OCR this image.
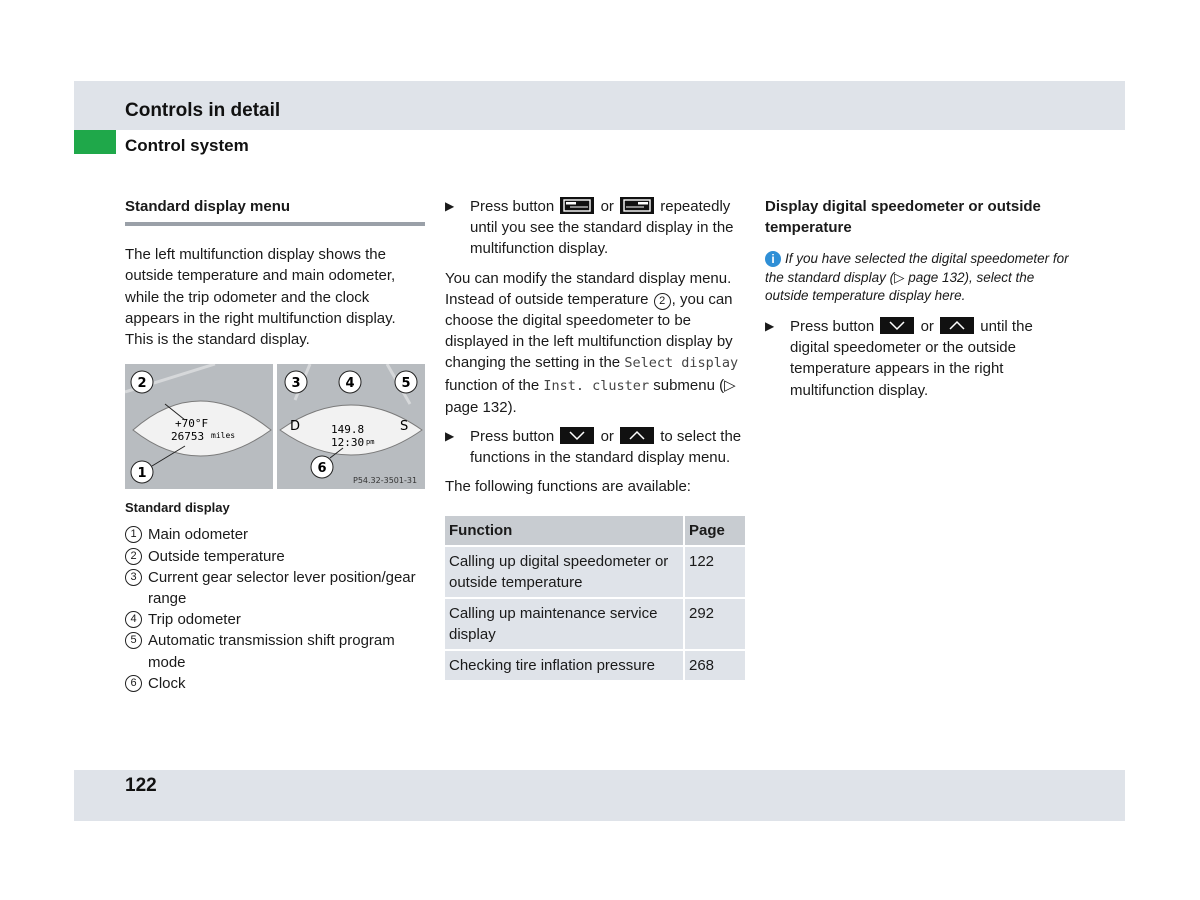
Controls in detail
Control system

Standard display menu

The left multifunction display shows the outside temperature and main odometer, while the trip odometer and the clock appears in the right multifunction display. This is the standard display.

+70°F
26753 miles	149.8
12:30 pm
D	S
P54.32-3501-31
2
1
3	4	5
6

Standard display

1 Main odometer
2 Outside temperature
3 Current gear selector lever position/gear range
4 Trip odometer
5 Automatic transmission shift program mode
6 Clock
▶	Press button	or	repeatedly until you see the standard display in the multifunction display.

You can modify the standard display menu. Instead of outside temperature 2 , you can choose the digital speedometer to be displayed in the left multifunction display by changing the setting in the Select display function of the Inst. cluster submenu (▷ page 132).

▶	Press button	or	to select the functions in the standard display menu.

The following functions are available:

Function	Page
Calling up digital speedometer or outside temperature	122
Calling up maintenance service display	292
Checking tire inflation pressure	268

Display digital speedometer or outside temperature

i If you have selected the digital speedometer for the standard display (▷ page 132), select the outside temperature display here.

▶	Press button	or	until the digital speedometer or the outside temperature appears in the right multifunction display.
122
